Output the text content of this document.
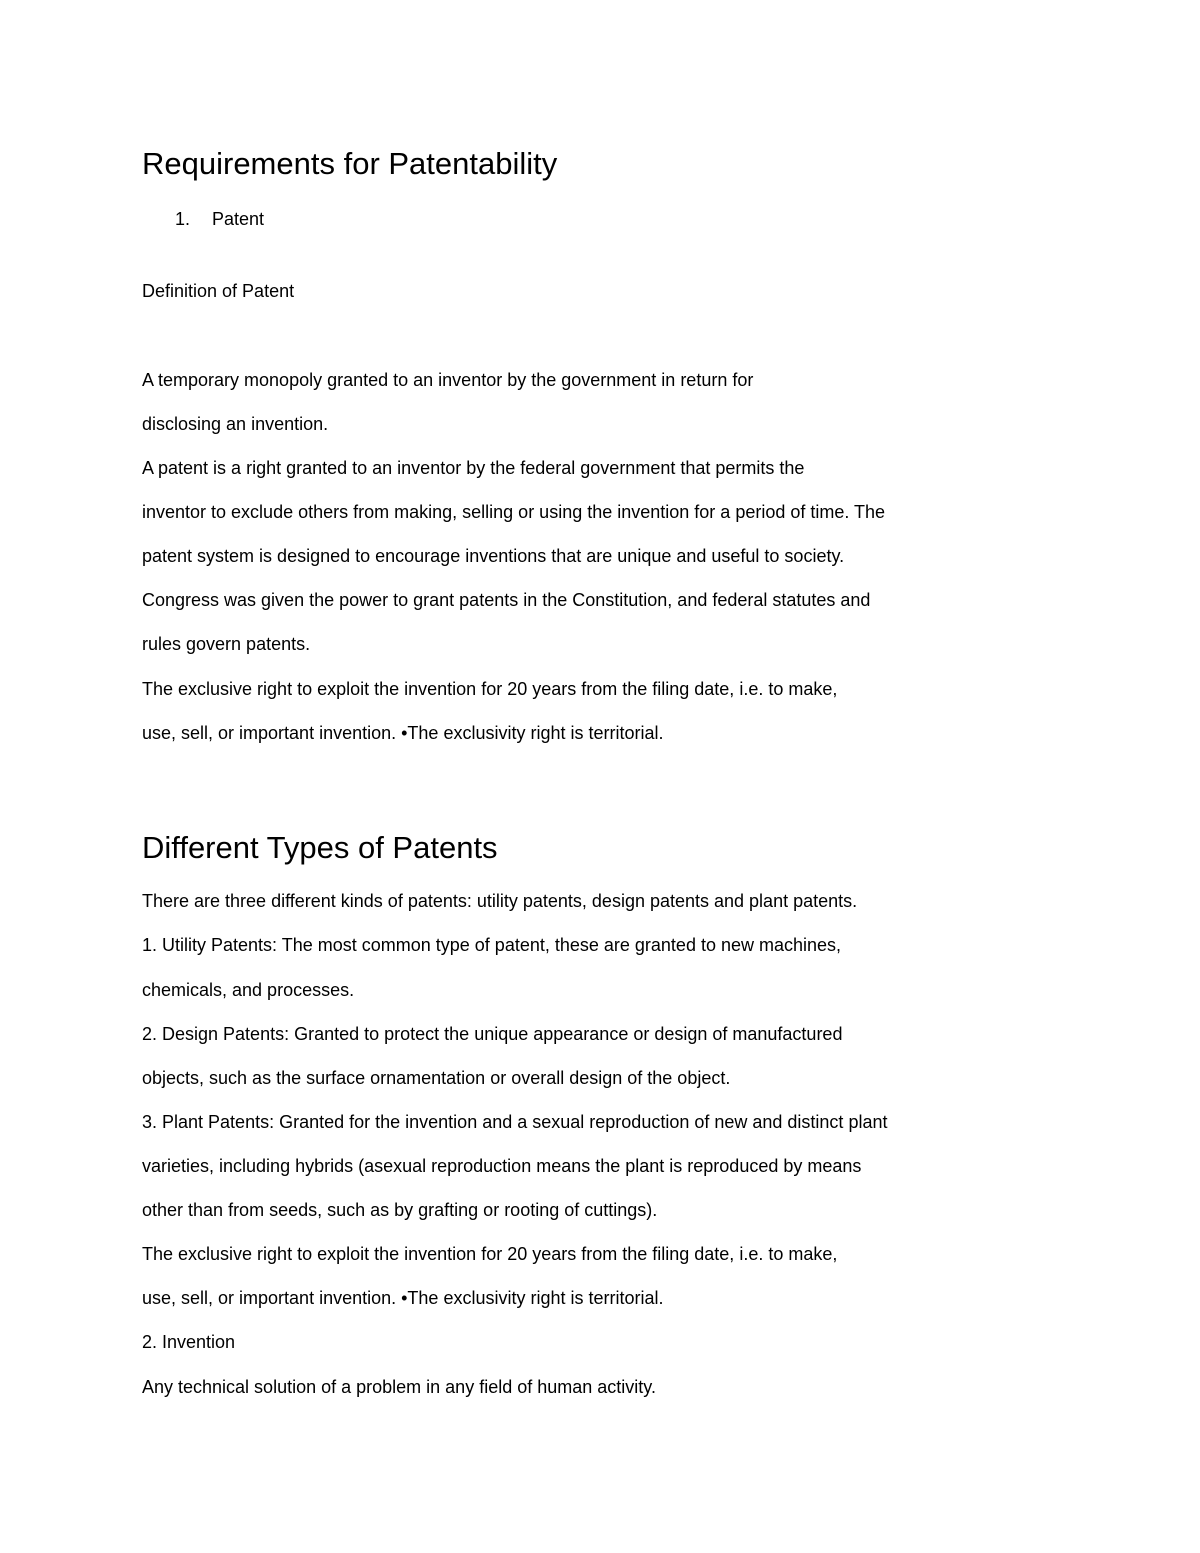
Requirements for Patentability
1. Patent

Definition of Patent

A temporary monopoly granted to an inventor by the government in return for

disclosing an invention.

A patent is a right granted to an inventor by the federal government that permits the

inventor to exclude others from making, selling or using the invention for a period of time. The

patent system is designed to encourage inventions that are unique and useful to society.

Congress was given the power to grant patents in the Constitution, and federal statutes and

rules govern patents.

The exclusive right to exploit the invention for 20 years from the filing date, i.e. to make,

use, sell, or important invention. •The exclusivity right is territorial.

Different Types of Patents

There are three different kinds of patents: utility patents, design patents and plant patents.

1. Utility Patents: The most common type of patent, these are granted to new machines,

chemicals, and processes.

2. Design Patents: Granted to protect the unique appearance or design of manufactured

objects, such as the surface ornamentation or overall design of the object.

3. Plant Patents: Granted for the invention and a sexual reproduction of new and distinct plant

varieties, including hybrids (asexual reproduction means the plant is reproduced by means

other than from seeds, such as by grafting or rooting of cuttings).

The exclusive right to exploit the invention for 20 years from the filing date, i.e. to make,

use, sell, or important invention. •The exclusivity right is territorial.

2. Invention

Any technical solution of a problem in any field of human activity.
